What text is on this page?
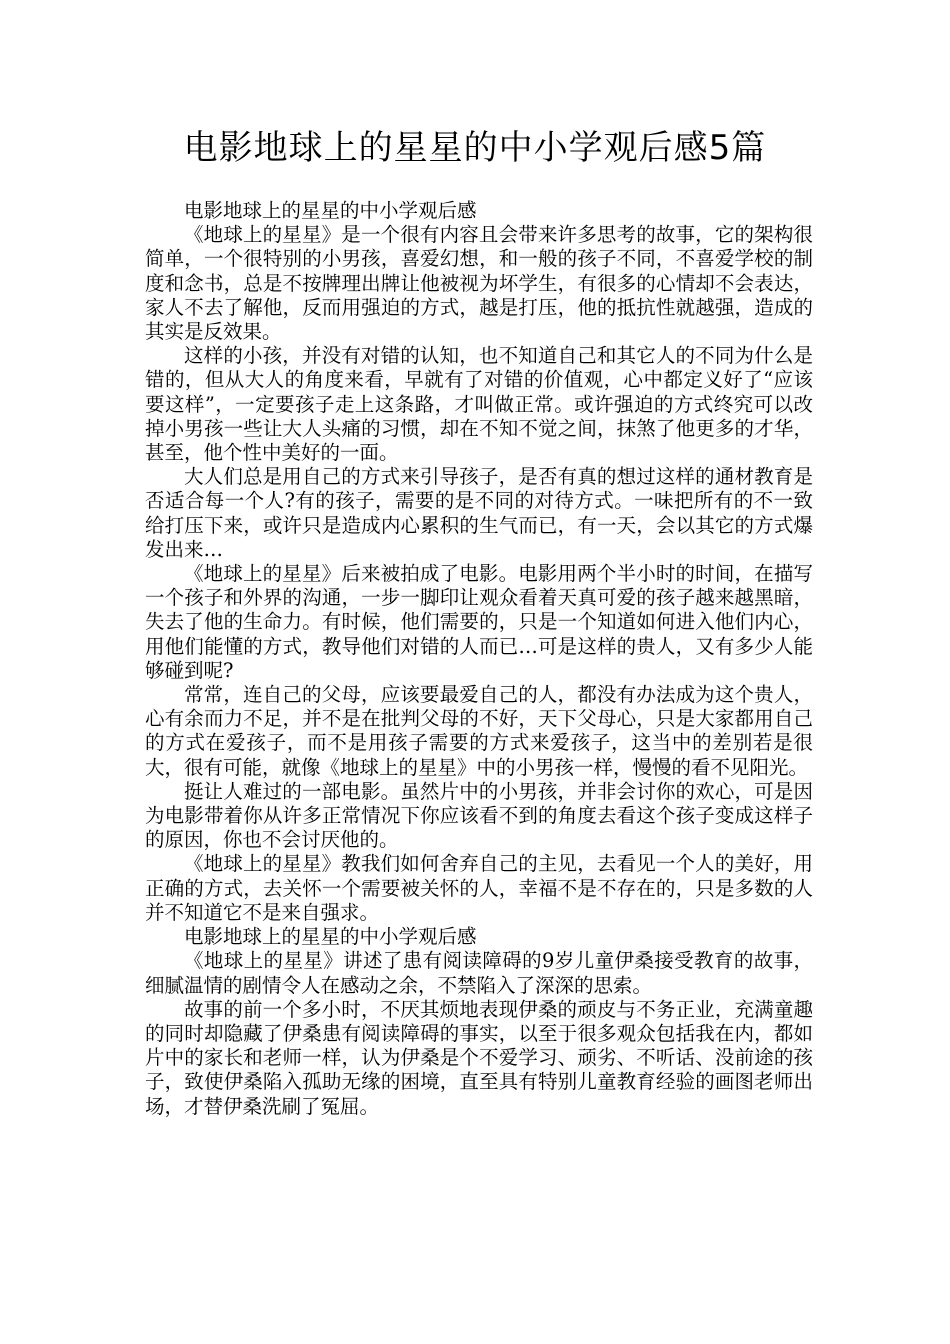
电影地球上的星星的中小学观后感5篇

电影地球上的星星的中小学观后感

《地球上的星星》是一个很有内容且会带来许多思考的故事，它的架构很简单，一个很特别的小男孩，喜爱幻想，和一般的孩子不同，不喜爱学校的制度和念书，总是不按牌理出牌让他被视为坏学生，有很多的心情却不会表达，家人不去了解他，反而用强迫的方式，越是打压，他的抵抗性就越强，造成的其实是反效果。

这样的小孩，并没有对错的认知，也不知道自己和其它人的不同为什么是错的，但从大人的角度来看，早就有了对错的价值观，心中都定义好了“应该要这样”，一定要孩子走上这条路，才叫做正常。或许强迫的方式终究可以改掉小男孩一些让大人头痛的习惯，却在不知不觉之间，抹煞了他更多的才华，甚至，他个性中美好的一面。

大人们总是用自己的方式来引导孩子，是否有真的想过这样的通材教育是否适合每一个人?有的孩子，需要的是不同的对待方式。一味把所有的不一致给打压下来，或许只是造成内心累积的生气而已，有一天，会以其它的方式爆发出来…

《地球上的星星》后来被拍成了电影。电影用两个半小时的时间，在描写一个孩子和外界的沟通，一步一脚印让观众看着天真可爱的孩子越来越黑暗，失去了他的生命力。有时候，他们需要的，只是一个知道如何进入他们内心，用他们能懂的方式，教导他们对错的人而已…可是这样的贵人，又有多少人能够碰到呢?

常常，连自己的父母，应该要最爱自己的人，都没有办法成为这个贵人，心有余而力不足，并不是在批判父母的不好，天下父母心，只是大家都用自己的方式在爱孩子，而不是用孩子需要的方式来爱孩子，这当中的差别若是很大，很有可能，就像《地球上的星星》中的小男孩一样，慢慢的看不见阳光。

挺让人难过的一部电影。虽然片中的小男孩，并非会讨你的欢心，可是因为电影带着你从许多正常情况下你应该看不到的角度去看这个孩子变成这样子的原因，你也不会讨厌他的。

《地球上的星星》教我们如何舍弃自己的主见，去看见一个人的美好，用正确的方式，去关怀一个需要被关怀的人，幸福不是不存在的，只是多数的人并不知道它不是来自强求。

电影地球上的星星的中小学观后感

《地球上的星星》讲述了患有阅读障碍的9岁儿童伊桑接受教育的故事，细腻温情的剧情令人在感动之余，不禁陷入了深深的思索。

故事的前一个多小时，不厌其烦地表现伊桑的顽皮与不务正业，充满童趣的同时却隐藏了伊桑患有阅读障碍的事实，以至于很多观众包括我在内，都如片中的家长和老师一样，认为伊桑是个不爱学习、顽劣、不听话、没前途的孩子，致使伊桑陷入孤助无缘的困境，直至具有特别儿童教育经验的画图老师出场，才替伊桑洗刷了冤屈。
